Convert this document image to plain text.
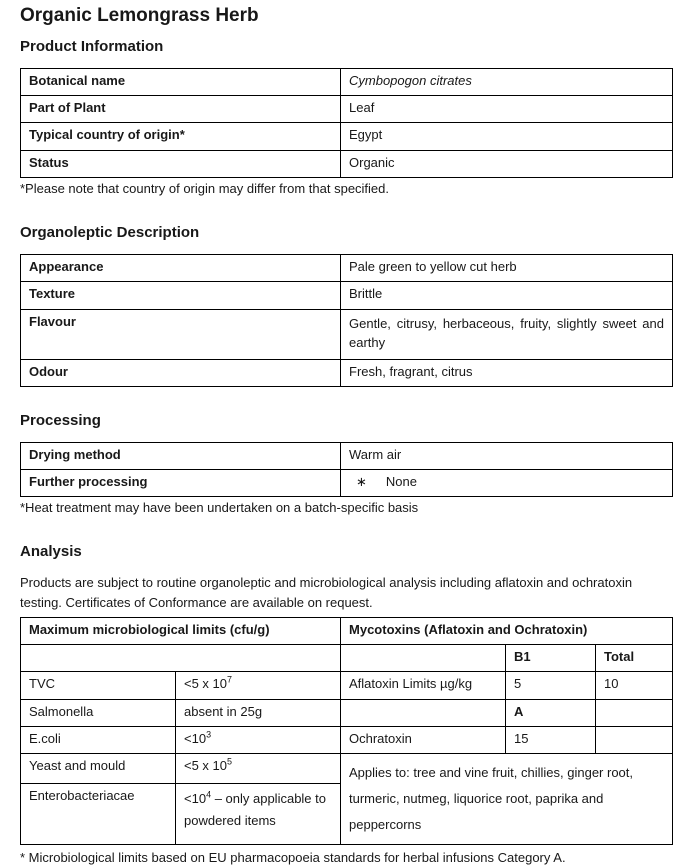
Organic Lemongrass Herb
Product Information
Botanical name	Cymbopogon citrates
Part of Plant	Leaf
Typical country of origin*	Egypt
Status	Organic

*Please note that country of origin may differ from that specified.

Organoleptic Description
Appearance	Pale green to yellow cut herb
Texture	Brittle
Flavour	Gentle, citrusy, herbaceous, fruity, slightly sweet and earthy
Odour	Fresh, fragrant, citrus
Processing
Drying method	Warm air
Further processing	∗ None

*Heat treatment may have been undertaken on a batch-specific basis

Analysis

Products are subject to routine organoleptic and microbiological analysis including aflatoxin and ochratoxin testing. Certificates of Conformance are available on request.

Maximum microbiological limits (cfu/g)		Mycotoxins (Aflatoxin and Ochratoxin)		
			B1	Total
TVC	<5 x $10^7$	Aflatoxin Limits µg/kg	5	10
Salmonella	absent in 25g		A	
E.coli	$<10^3$	Ochratoxin	15	
Yeast and mould	<5 x $10^5$	Applies to: tree and vine fruit, chillies, ginger root, turmeric, nutmeg, liquorice root, paprika and peppercorns		
Enterobacteriacae	$<10^4$ – only applicable to powdered items			

* Microbiological limits based on EU pharmacopoeia standards for herbal infusions Category A.
